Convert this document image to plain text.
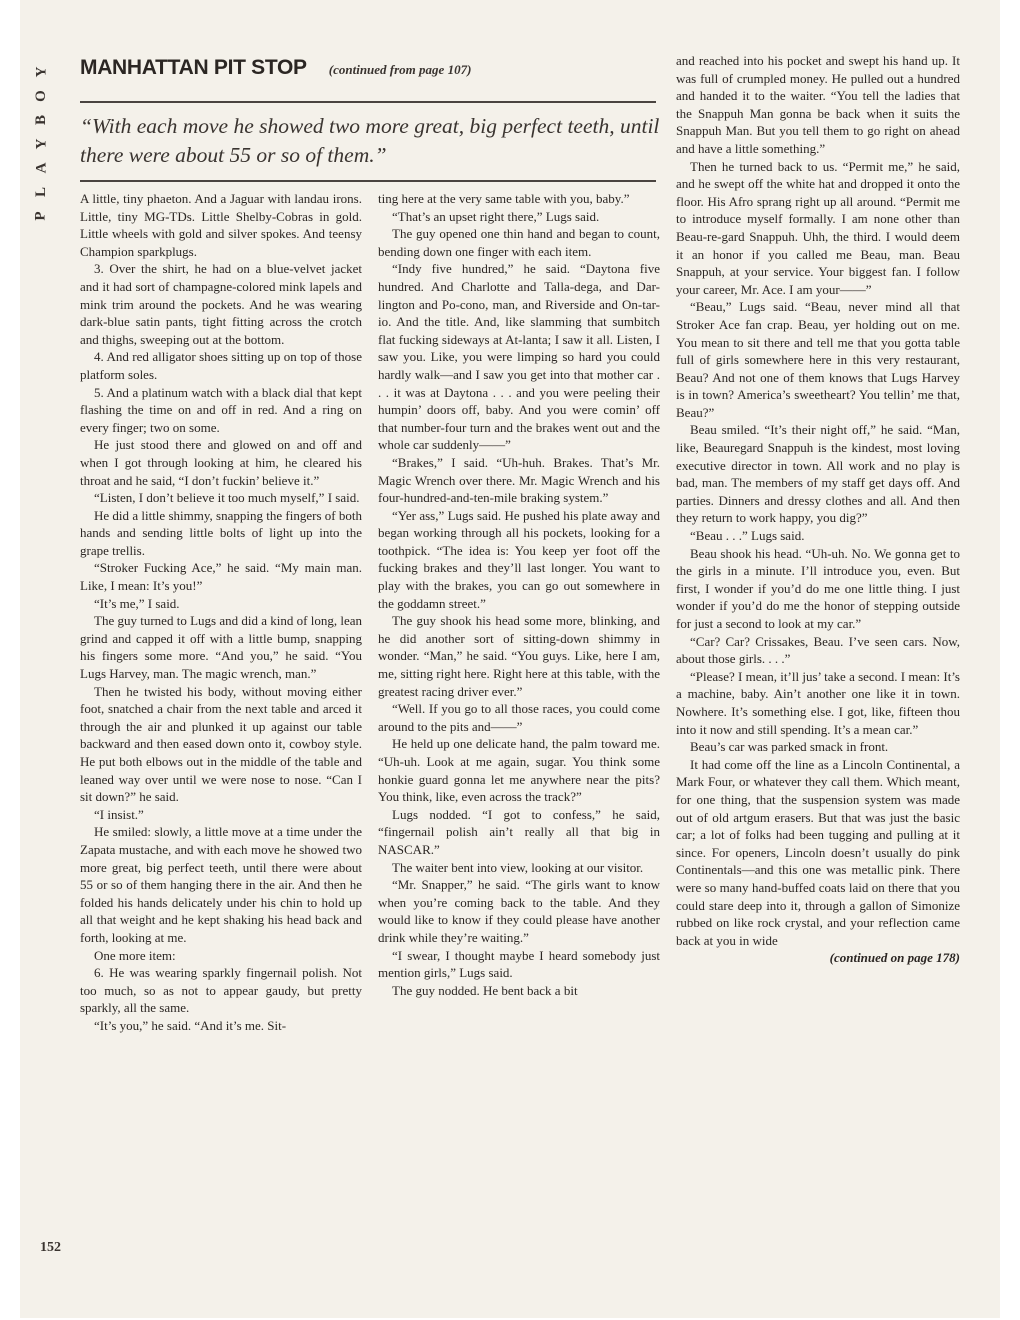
Y
O
B
Y
A
L
P
MANHATTAN PIT STOP (continued from page 107)
“With each move he showed two more great, big perfect teeth, until there were about 55 or so of them.”

A little, tiny phaeton. And a Jaguar with landau irons. Little, tiny MG-TDs. Little Shelby-Cobras in gold. Little wheels with gold and silver spokes. And teensy Champion sparkplugs.

3. Over the shirt, he had on a blue-velvet jacket and it had sort of champagne-colored mink lapels and mink trim around the pockets. And he was wearing dark-blue satin pants, tight fitting across the crotch and thighs, sweeping out at the bottom.

4. And red alligator shoes sitting up on top of those platform soles.

5. And a platinum watch with a black dial that kept flashing the time on and off in red. And a ring on every finger; two on some.

He just stood there and glowed on and off and when I got through looking at him, he cleared his throat and he said, “I don’t fuckin’ believe it.”

“Listen, I don’t believe it too much myself,” I said.

He did a little shimmy, snapping the fingers of both hands and sending little bolts of light up into the grape trellis.

“Stroker Fucking Ace,” he said. “My main man. Like, I mean: It’s you!”

“It’s me,” I said.

The guy turned to Lugs and did a kind of long, lean grind and capped it off with a little bump, snapping his fingers some more. “And you,” he said. “You Lugs Harvey, man. The magic wrench, man.”

Then he twisted his body, without moving either foot, snatched a chair from the next table and arced it through the air and plunked it up against our table backward and then eased down onto it, cowboy style. He put both elbows out in the middle of the table and leaned way over until we were nose to nose. “Can I sit down?” he said.

“I insist.”

He smiled: slowly, a little move at a time under the Zapata mustache, and with each move he showed two more great, big perfect teeth, until there were about 55 or so of them hanging there in the air. And then he folded his hands delicately under his chin to hold up all that weight and he kept shaking his head back and forth, looking at me.

One more item:

6. He was wearing sparkly fingernail polish. Not too much, so as not to appear gaudy, but pretty sparkly, all the same.

“It’s you,” he said. “And it’s me. Sit-

ting here at the very same table with you, baby.”

“That’s an upset right there,” Lugs said.

The guy opened one thin hand and began to count, bending down one finger with each item.

“Indy five hundred,” he said. “Daytona five hundred. And Charlotte and Talla-dega, and Dar-lington and Po-cono, man, and Riverside and On-tar-io. And the title. And, like slamming that sumbitch flat fucking sideways at At-lanta; I saw it all. Listen, I saw you. Like, you were limping so hard you could hardly walk—and I saw you get into that mother car . . . it was at Daytona . . . and you were peeling their humpin’ doors off, baby. And you were comin’ off that number-four turn and the brakes went out and the whole car suddenly——”

“Brakes,” I said. “Uh-huh. Brakes. That’s Mr. Magic Wrench over there. Mr. Magic Wrench and his four-hundred-and-ten-mile braking system.”

“Yer ass,” Lugs said. He pushed his plate away and began working through all his pockets, looking for a toothpick. “The idea is: You keep yer foot off the fucking brakes and they’ll last longer. You want to play with the brakes, you can go out somewhere in the goddamn street.”

The guy shook his head some more, blinking, and he did another sort of sitting-down shimmy in wonder. “Man,” he said. “You guys. Like, here I am, me, sitting right here. Right here at this table, with the greatest racing driver ever.”

“Well. If you go to all those races, you could come around to the pits and——”

He held up one delicate hand, the palm toward me. “Uh-uh. Look at me again, sugar. You think some honkie guard gonna let me anywhere near the pits? You think, like, even across the track?”

Lugs nodded. “I got to confess,” he said, “fingernail polish ain’t really all that big in NASCAR.”

The waiter bent into view, looking at our visitor.

“Mr. Snapper,” he said. “The girls want to know when you’re coming back to the table. And they would like to know if they could please have another drink while they’re waiting.”

“I swear, I thought maybe I heard somebody just mention girls,” Lugs said.

The guy nodded. He bent back a bit

and reached into his pocket and swept his hand up. It was full of crumpled money. He pulled out a hundred and handed it to the waiter. “You tell the ladies that the Snappuh Man gonna be back when it suits the Snappuh Man. But you tell them to go right on ahead and have a little something.”

Then he turned back to us. “Permit me,” he said, and he swept off the white hat and dropped it onto the floor. His Afro sprang right up all around. “Permit me to introduce myself formally. I am none other than Beau-re-gard Snappuh. Uhh, the third. I would deem it an honor if you called me Beau, man. Beau Snappuh, at your service. Your biggest fan. I follow your career, Mr. Ace. I am your——”

“Beau,” Lugs said. “Beau, never mind all that Stroker Ace fan crap. Beau, yer holding out on me. You mean to sit there and tell me that you gotta table full of girls somewhere here in this very restaurant, Beau? And not one of them knows that Lugs Harvey is in town? America’s sweetheart? You tellin’ me that, Beau?”

Beau smiled. “It’s their night off,” he said. “Man, like, Beauregard Snappuh is the kindest, most loving executive director in town. All work and no play is bad, man. The members of my staff get days off. And parties. Dinners and dressy clothes and all. And then they return to work happy, you dig?”

“Beau . . .” Lugs said.

Beau shook his head. “Uh-uh. No. We gonna get to the girls in a minute. I’ll introduce you, even. But first, I wonder if you’d do me one little thing. I just wonder if you’d do me the honor of stepping outside for just a second to look at my car.”

“Car? Car? Crissakes, Beau. I’ve seen cars. Now, about those girls. . . .”

“Please? I mean, it’ll jus’ take a second. I mean: It’s a machine, baby. Ain’t another one like it in town. Nowhere. It’s something else. I got, like, fifteen thou into it now and still spending. It’s a mean car.”

Beau’s car was parked smack in front.

It had come off the line as a Lincoln Continental, a Mark Four, or whatever they call them. Which meant, for one thing, that the suspension system was made out of old artgum erasers. But that was just the basic car; a lot of folks had been tugging and pulling at it since. For openers, Lincoln doesn’t usually do pink Continentals—and this one was metallic pink. There were so many hand-buffed coats laid on there that you could stare deep into it, through a gallon of Simonize rubbed on like rock crystal, and your reflection came back at you in wide

(continued on page 178)

152
